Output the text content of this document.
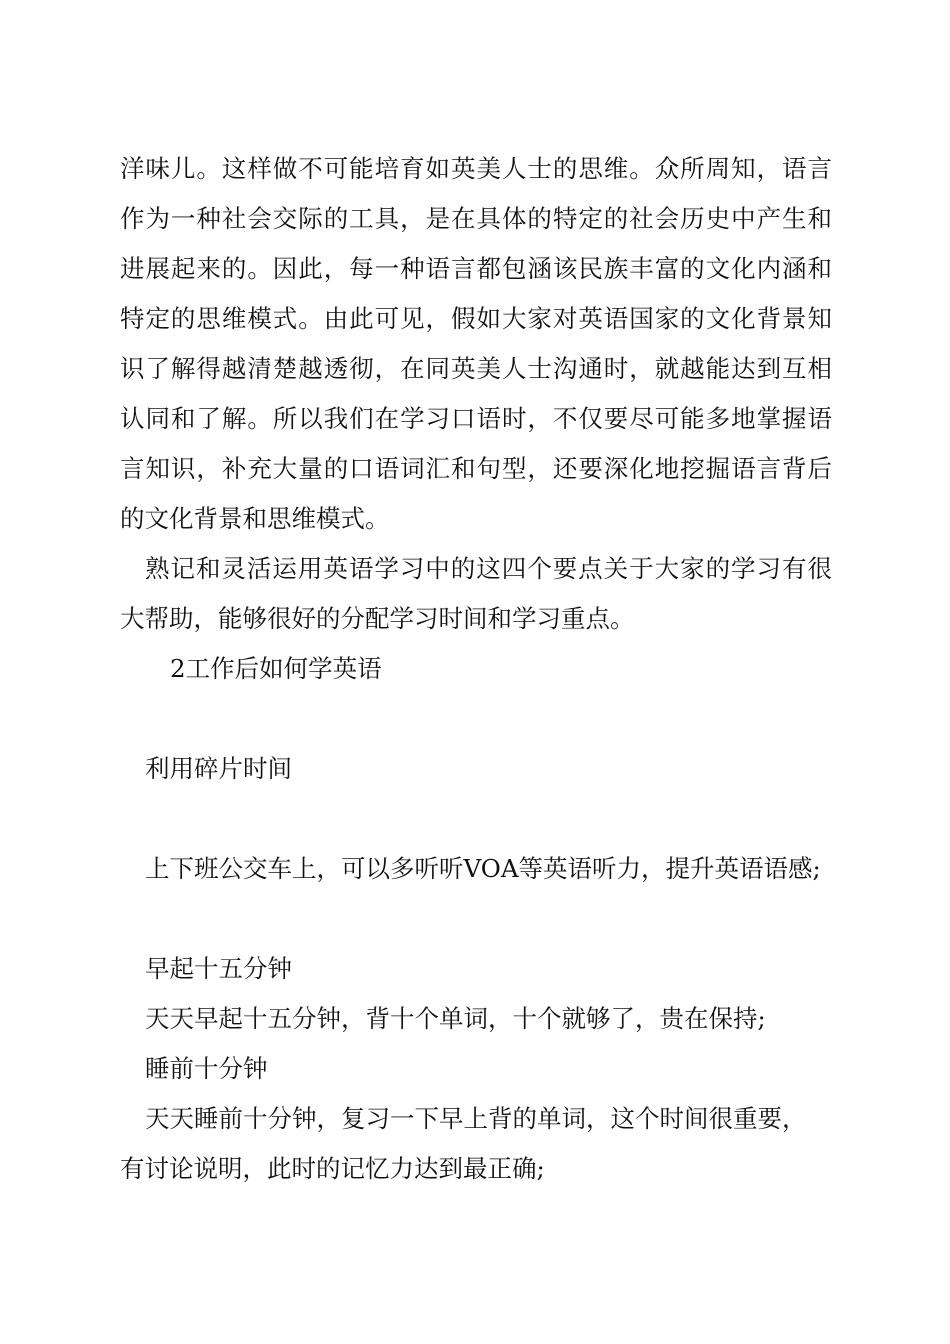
洋味儿。这样做不可能培育如英美人士的思维。众所周知，语言

作为一种社会交际的工具，是在具体的特定的社会历史中产生和

进展起来的。因此，每一种语言都包涵该民族丰富的文化内涵和

特定的思维模式。由此可见，假如大家对英语国家的文化背景知

识了解得越清楚越透彻，在同英美人士沟通时，就越能达到互相

认同和了解。所以我们在学习口语时，不仅要尽可能多地掌握语

言知识，补充大量的口语词汇和句型，还要深化地挖掘语言背后

的文化背景和思维模式。

熟记和灵活运用英语学习中的这四个要点关于大家的学习有很

大帮助，能够很好的分配学习时间和学习重点。

2工作后如何学英语

利用碎片时间

上下班公交车上，可以多听听VOA等英语听力，提升英语语感;

早起十五分钟

天天早起十五分钟，背十个单词，十个就够了，贵在保持;

睡前十分钟

天天睡前十分钟，复习一下早上背的单词，这个时间很重要，

有讨论说明，此时的记忆力达到最正确;
